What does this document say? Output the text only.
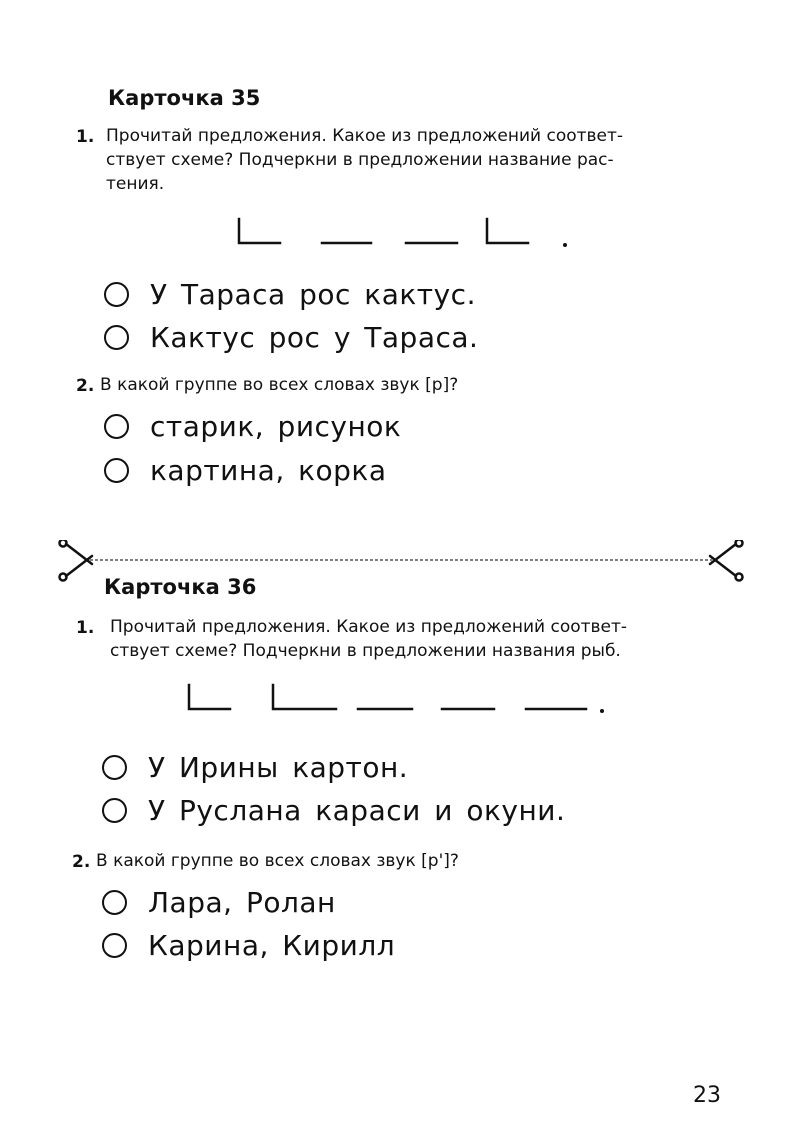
Карточка 35
1. Прочитай предложения. Какое из предложений соответ-
ствует схеме? Подчеркни в предложении название рас-
тения.
У Тараса рос кактус.
Кактус рос у Тараса.
2. В какой группе во всех словах звук [р]?
старик, рисунок
картина, корка
Карточка 36
1. Прочитай предложения. Какое из предложений соответ-
ствует схеме? Подчеркни в предложении названия рыб.
У Ирины картон.
У Руслана караси и окуни.
2. В какой группе во всех словах звук [р']?
Лара, Ролан
Карина, Кирилл
23
